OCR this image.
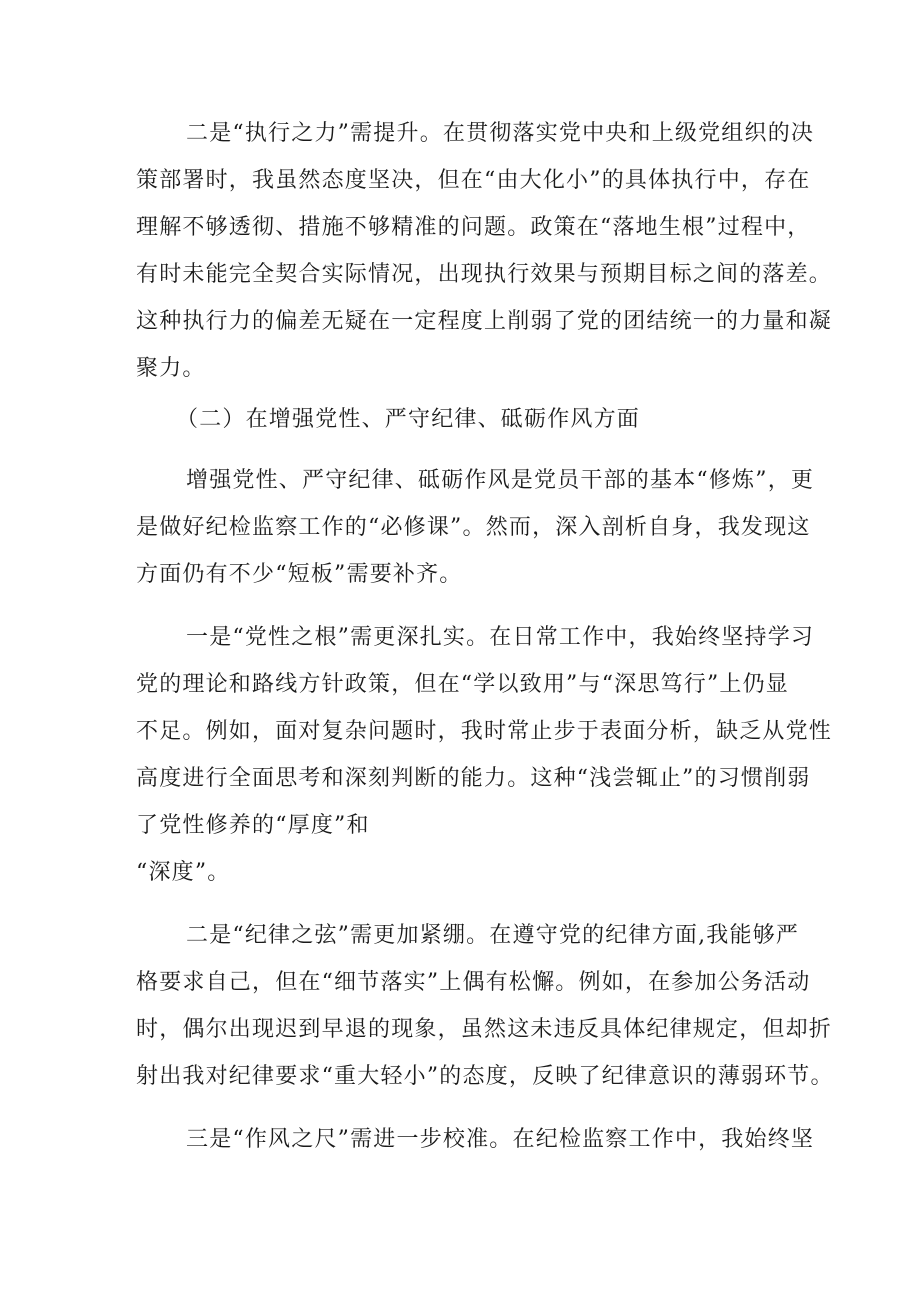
二是“执行之力”需提升。在贯彻落实党中央和上级党组织的决
策部署时，我虽然态度坚决，但在“由大化小”的具体执行中，存在
理解不够透彻、措施不够精准的问题。政策在“落地生根”过程中，
有时未能完全契合实际情况，出现执行效果与预期目标之间的落差。
这种执行力的偏差无疑在一定程度上削弱了党的团结统一的力量和凝
聚力。
（二）在增强党性、严守纪律、砥砺作风方面
增强党性、严守纪律、砥砺作风是党员干部的基本“修炼”，更
是做好纪检监察工作的“必修课”。然而，深入剖析自身，我发现这
方面仍有不少“短板”需要补齐。
一是“党性之根”需更深扎实。在日常工作中，我始终坚持学习
党的理论和路线方针政策，但在“学以致用”与“深思笃行”上仍显
不足。例如，面对复杂问题时，我时常止步于表面分析，缺乏从党性
高度进行全面思考和深刻判断的能力。这种“浅尝辄止”的习惯削弱
了党性修养的“厚度”和
“深度”。
二是“纪律之弦”需更加紧绷。在遵守党的纪律方面,我能够严
格要求自己，但在“细节落实”上偶有松懈。例如，在参加公务活动
时，偶尔出现迟到早退的现象，虽然这未违反具体纪律规定，但却折
射出我对纪律要求“重大轻小”的态度，反映了纪律意识的薄弱环节。
三是“作风之尺”需进一步校准。在纪检监察工作中，我始终坚
